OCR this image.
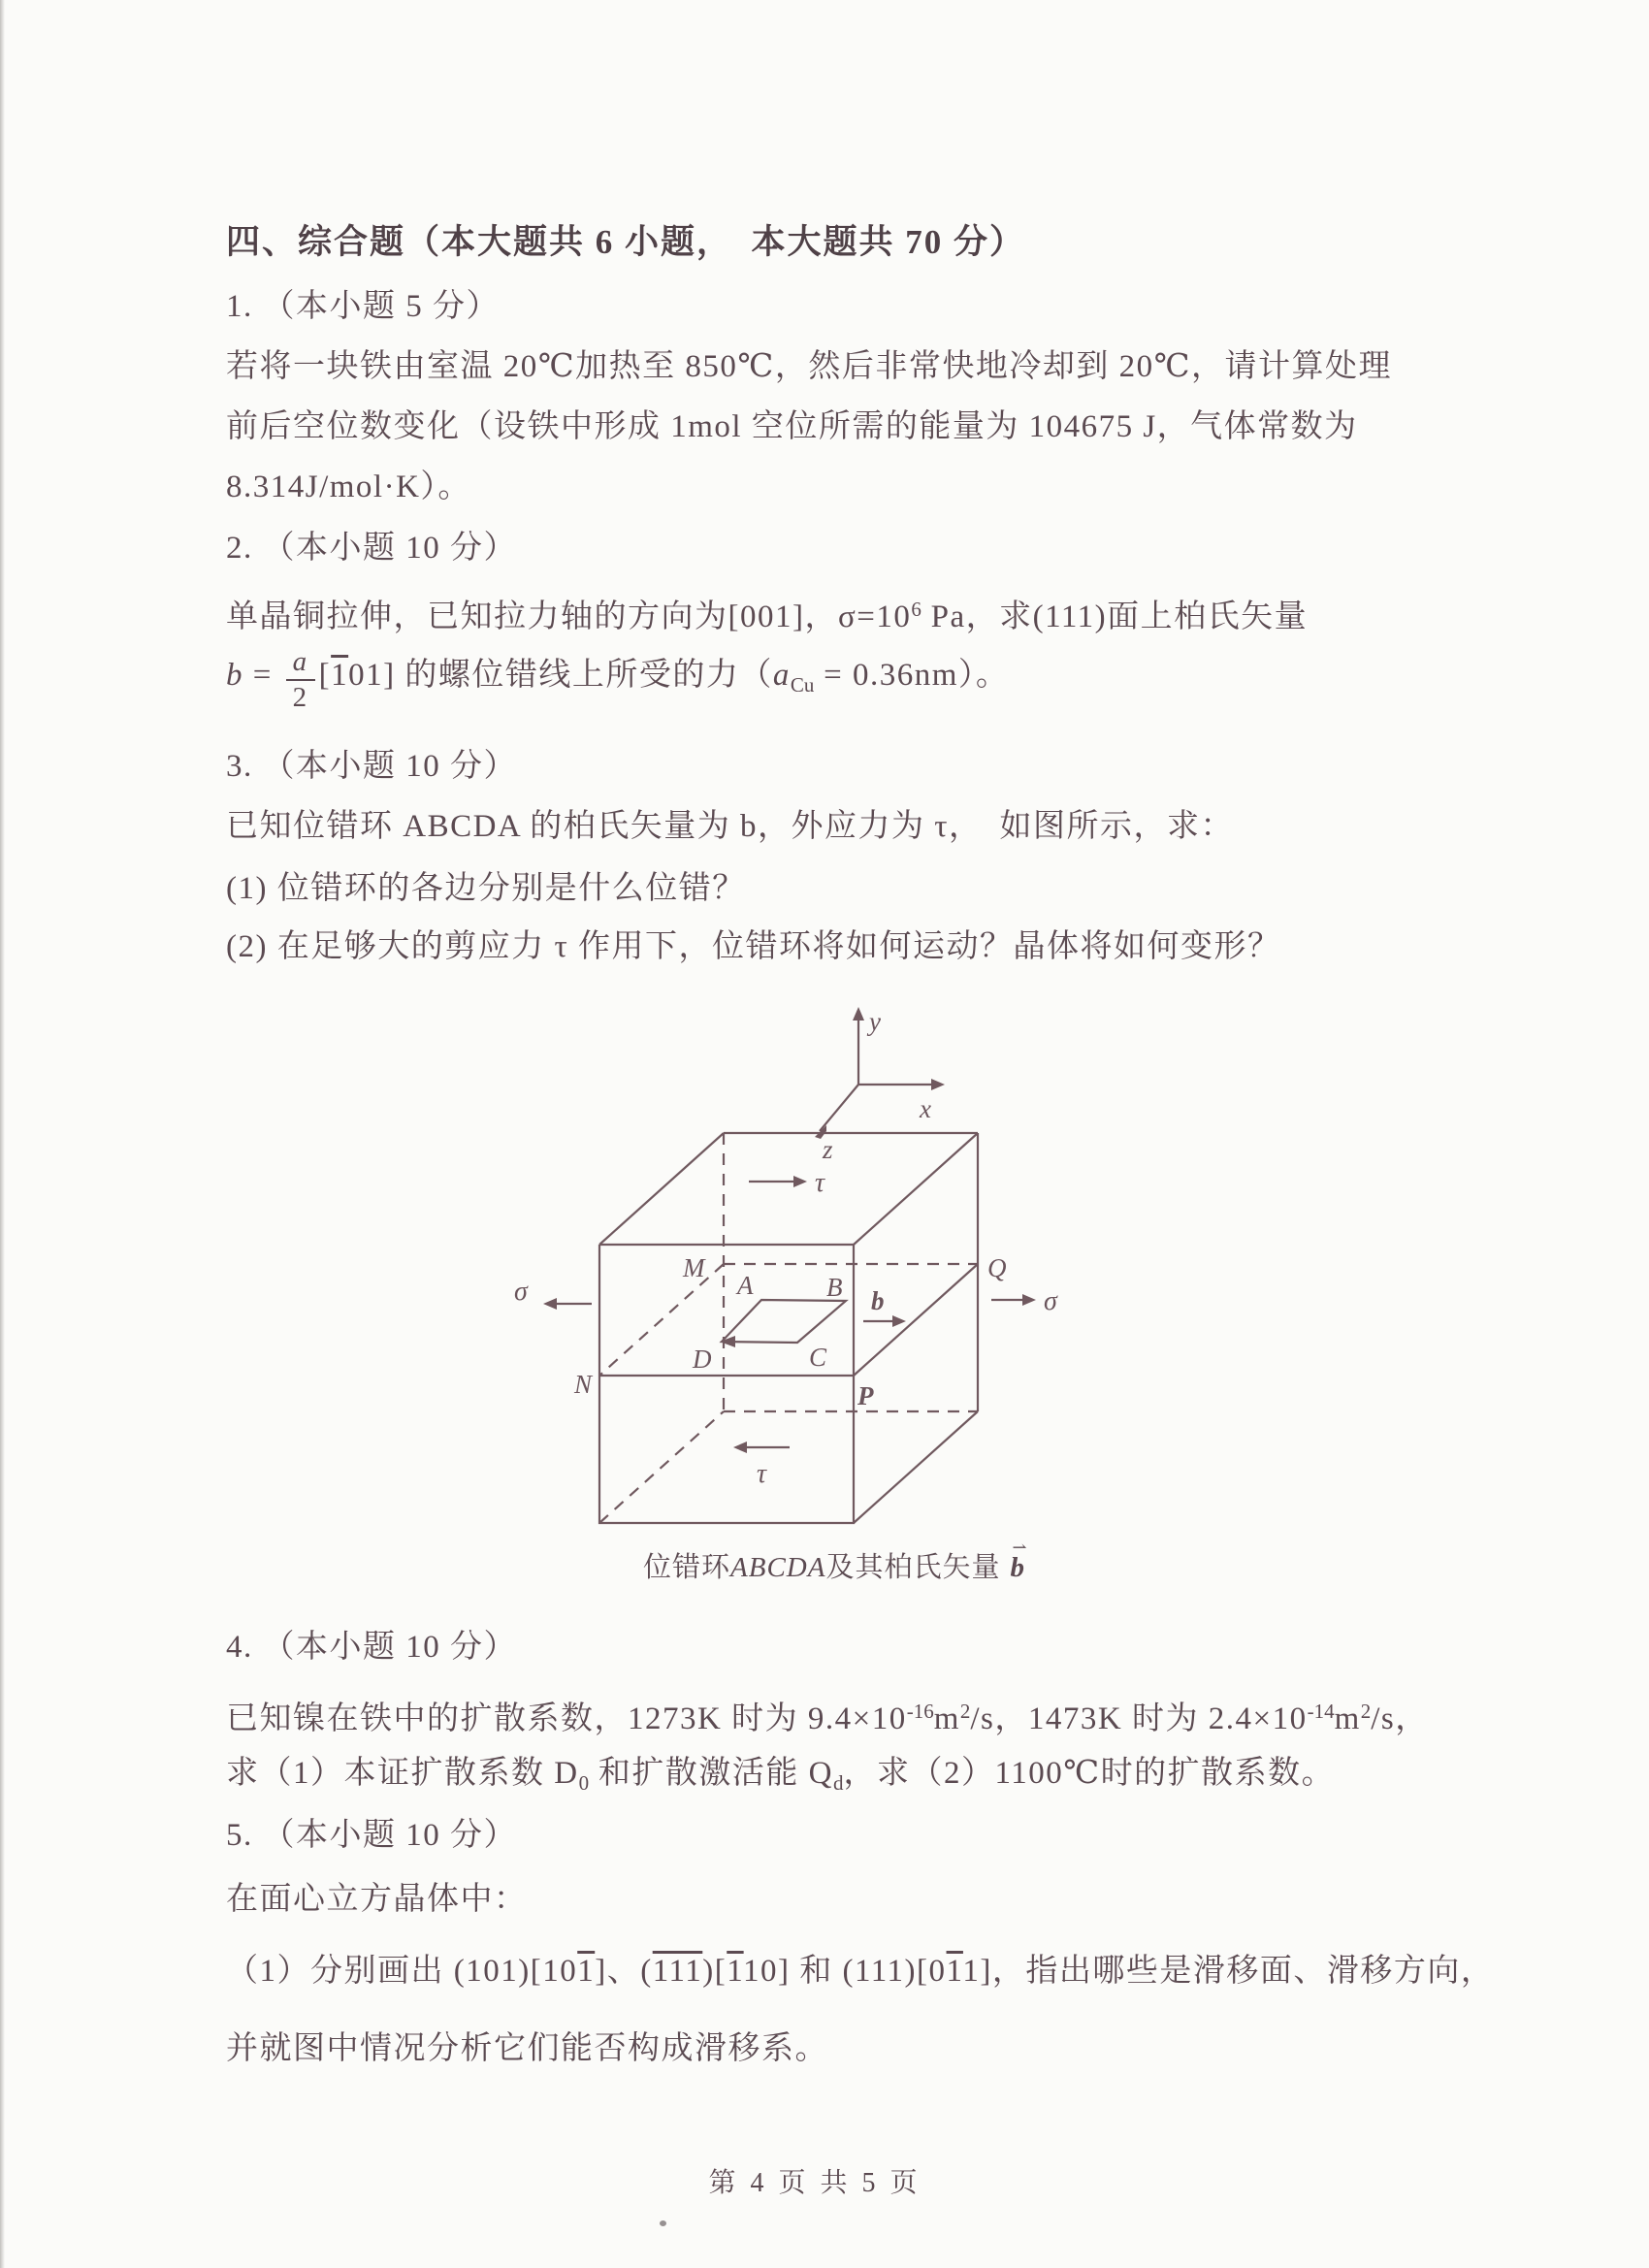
四、综合题（本大题共 6 小题，　本大题共 70 分）
1. （本小题 5 分）
若将一块铁由室温 20℃加热至 850℃，然后非常快地冷却到 20℃，请计算处理
前后空位数变化（设铁中形成 1mol 空位所需的能量为 104675 J，气体常数为
8.314J/mol·K）。
2. （本小题 10 分）
单晶铜拉伸，已知拉力轴的方向为[001]，$\sigma=10^6$ Pa，求(111)面上柏氏矢量
$b = \frac{a}{2} [101]$ 的螺位错线上所受的力$(a_{Cu} = 0.36nm)$。
3. （本小题 10 分）
已知位错环 ABCDA 的柏氏矢量为 b，外应力为 τ，　如图所示，求：
(1) 位错环的各边分别是什么位错？
(2) 在足够大的剪应力 τ 作用下，位错环将如何运动？晶体将如何变形？
y
x
z
M	Q
N	P
A	B
C
D
b
τ
τ
σ	σ
位错环ABCDA及其柏氏矢量
⇀
b
4. （本小题 10 分）
已知镍在铁中的扩散系数，1273K 时为 $9.4\times 10^{-16}m^2/s$，1473K 时为 $2.4\times 10^{-14}m^2/s$，
求（1）本证扩散系数 $D_0$ 和扩散激活能 $Q_d$，求（2）1100℃时的扩散系数。
5. （本小题 10 分）
在面心立方晶体中：
（1）分别画出 (101)[101]、(111)[110] 和 (111)[011]，指出哪些是滑移面、滑移方向，
并就图中情况分析它们能否构成滑移系。
第 4 页 共 5 页
